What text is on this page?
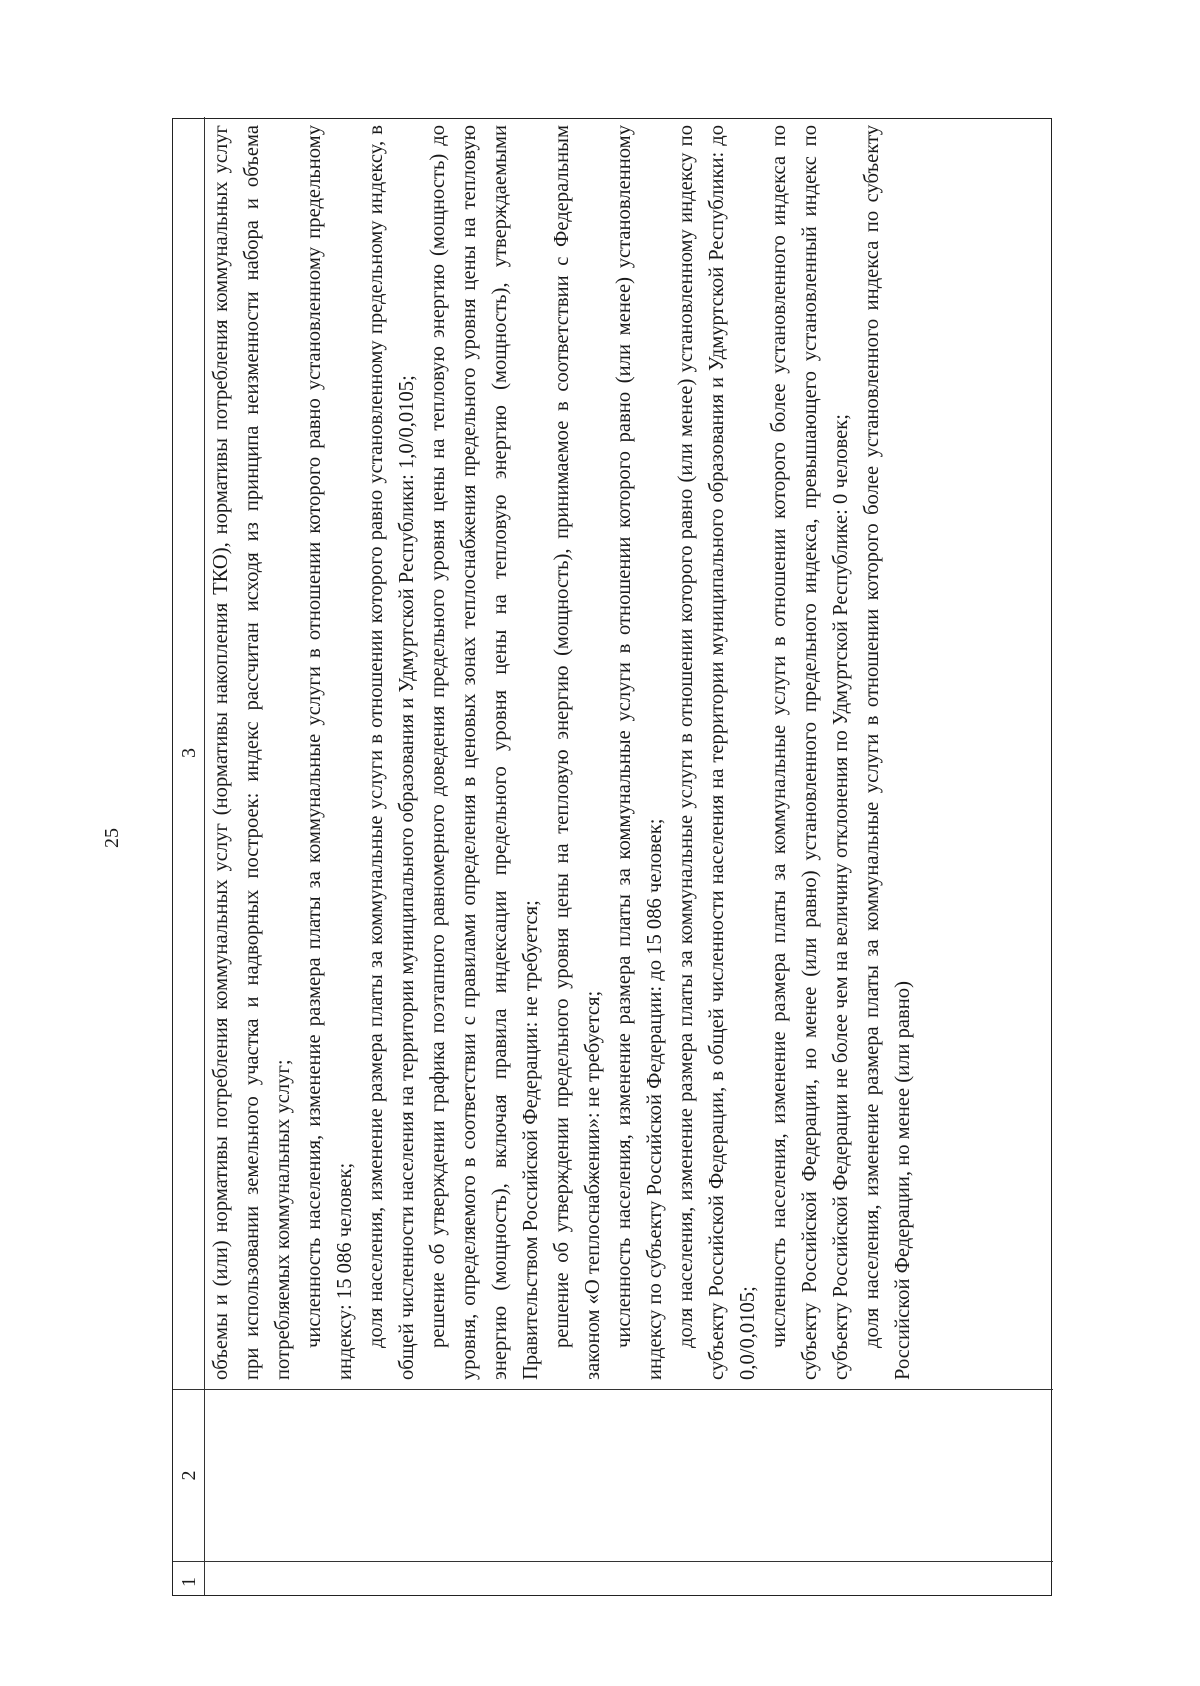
25
1
2
3 объемы и (или) нормативы потребления коммунальных услуг (нормативы накопления ТКО), нормативы потребления коммунальных услуг при использовании земельного участка и надворных построек: индекс рассчитан исходя из принципа неизменности набора и объема потребляемых коммунальных услуг; численность населения, изменение размера платы за коммунальные услуги в отношении которого равно установленному предельному индексу: 15 086 человек; доля населения, изменение размера платы за коммунальные услуги в отношении которого равно установленному предельному индексу, в общей численности населения на территории муниципального образования и Удмуртской Республики: 1,0/0,0105; решение об утверждении графика поэтапного равномерного доведения предельного уровня цены на тепловую энергию (мощность) до уровня, определяемого в соответствии с правилами определения в ценовых зонах теплоснабжения предельного уровня цены на тепловую энергию (мощность), включая правила индексации предельного уровня цены на тепловую энергию (мощность), утверждаемыми Правительством Российской Федерации: не требуется; решение об утверждении предельного уровня цены на тепловую энергию (мощность), принимаемое в соответствии с Федеральным законом «О теплоснабжении»: не требуется; численность населения, изменение размера платы за коммунальные услуги в отношении которого равно (или менее) установленному индексу по субъекту Российской Федерации: до 15 086 человек; доля населения, изменение размера платы за коммунальные услуги в отношении которого равно (или менее) установленному индексу по субъекту Российской Федерации, в общей численности населения на территории муниципального образования и Удмуртской Республики: до 0,0/0,0105; численность населения, изменение размера платы за коммунальные услуги в отношении которого более установленного индекса по субъекту Российской Федерации, но менее (или равно) установленного предельного индекса, превышающего установленный индекс по субъекту Российской Федерации не более чем на величину отклонения по Удмуртской Республике: 0 человек; доля населения, изменение размера платы за коммунальные услуги в отношении которого более установленного индекса по субъекту Российской Федерации, но менее (или равно)
